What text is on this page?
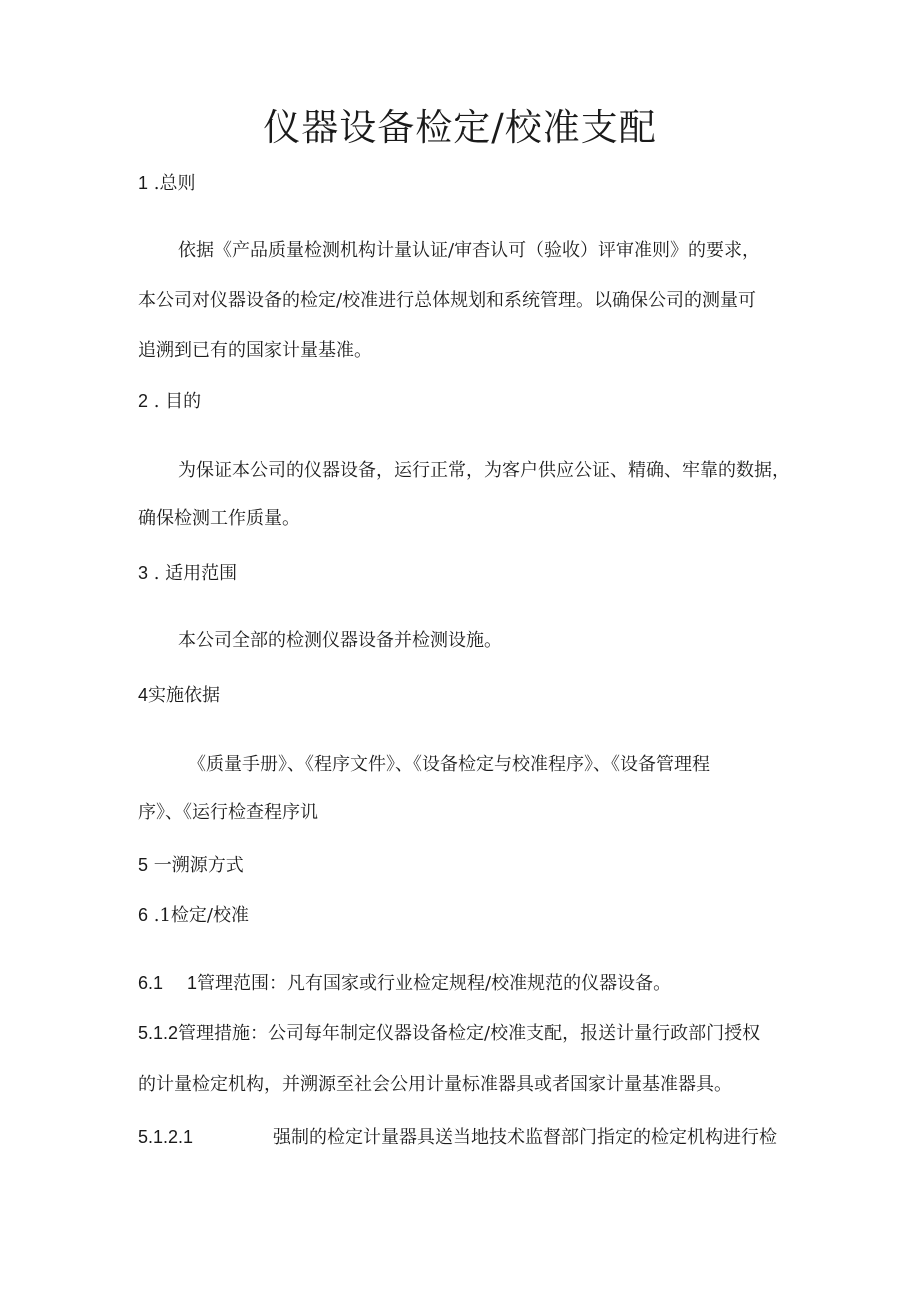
仪器设备检定/校准支配
1 .总则
依据《产品质量检测机构计量认证/审杳认可（验收）评审准则》的要求，
本公司对仪器设备的检定/校准进行总体规划和系统管理。以确保公司的测量可
追溯到已有的国家计量基准。
2 . 目的
为保证本公司的仪器设备，运行正常，为客户供应公证、精确、牢靠的数据，
确保检测工作质量。
3 . 适用范围
本公司全部的检测仪器设备并检测设施。
4实施依据
《质量手册》、《程序文件》、《设备检定与校准程序》、《设备管理程
序》、《运行检查程序讥
5 一溯源方式
6 .1检定/校准
6.1 1管理范围：凡有国家或行业检定规程/校准规范的仪器设备。
5.1.2管理措施：公司每年制定仪器设备检定/校准支配，报送计量行政部门授权
的计量检定机构，并溯源至社会公用计量标准器具或者国家计量基准器具。
5.1.2.1	强制的检定计量器具送当地技术监督部门指定的检定机构进行检
